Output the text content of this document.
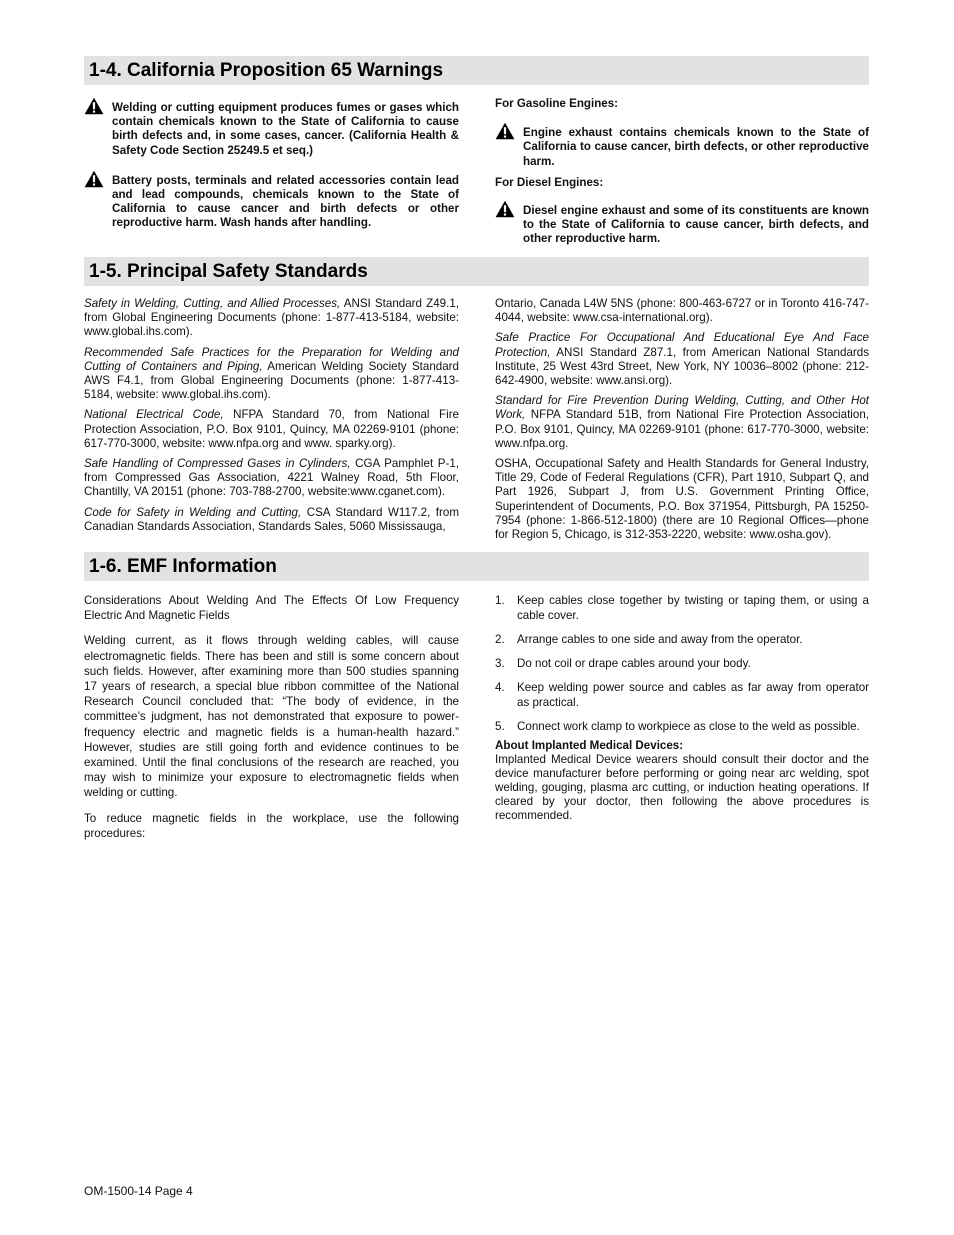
1-4. California Proposition 65 Warnings
Welding or cutting equipment produces fumes or gases which contain chemicals known to the State of California to cause birth defects and, in some cases, cancer. (California Health & Safety Code Section 25249.5 et seq.)
Battery posts, terminals and related accessories contain lead and lead compounds, chemicals known to the State of California to cause cancer and birth defects or other reproductive harm. Wash hands after handling.
For Gasoline Engines:
Engine exhaust contains chemicals known to the State of California to cause cancer, birth defects, or other reproductive harm.
For Diesel Engines:
Diesel engine exhaust and some of its constituents are known to the State of California to cause cancer, birth defects, and other reproductive harm.
1-5. Principal Safety Standards

Safety in Welding, Cutting, and Allied Processes, ANSI Standard Z49.1, from Global Engineering Documents (phone: 1-877-413-5184, website: www.global.ihs.com).

Recommended Safe Practices for the Preparation for Welding and Cutting of Containers and Piping, American Welding Society Standard AWS F4.1, from Global Engineering Documents (phone: 1-877-413-5184, website: www.global.ihs.com).

National Electrical Code, NFPA Standard 70, from National Fire Protection Association, P.O. Box 9101, Quincy, MA 02269-9101 (phone: 617-770-3000, website: www.nfpa.org and www. sparky.org).

Safe Handling of Compressed Gases in Cylinders, CGA Pamphlet P-1, from Compressed Gas Association, 4221 Walney Road, 5th Floor, Chantilly, VA 20151 (phone: 703-788-2700, website:www.cganet.com).

Code for Safety in Welding and Cutting, CSA Standard W117.2, from Canadian Standards Association, Standards Sales, 5060 Mississauga,

Ontario, Canada L4W 5NS (phone: 800-463-6727 or in Toronto 416-747-4044, website: www.csa-international.org).

Safe Practice For Occupational And Educational Eye And Face Protection, ANSI Standard Z87.1, from American National Standards Institute, 25 West 43rd Street, New York, NY 10036–8002 (phone: 212-642-4900, website: www.ansi.org).

Standard for Fire Prevention During Welding, Cutting, and Other Hot Work, NFPA Standard 51B, from National Fire Protection Association, P.O. Box 9101, Quincy, MA 02269-9101 (phone: 617-770-3000, website: www.nfpa.org.

OSHA, Occupational Safety and Health Standards for General Industry, Title 29, Code of Federal Regulations (CFR), Part 1910, Subpart Q, and Part 1926, Subpart J, from U.S. Government Printing Office, Superintendent of Documents, P.O. Box 371954, Pittsburgh, PA 15250-7954 (phone: 1-866-512-1800) (there are 10 Regional Offices—phone for Region 5, Chicago, is 312-353-2220, website: www.osha.gov).

1-6. EMF Information

Considerations About Welding And The Effects Of Low Frequency Electric And Magnetic Fields

Welding current, as it flows through welding cables, will cause electromagnetic fields. There has been and still is some concern about such fields. However, after examining more than 500 studies spanning 17 years of research, a special blue ribbon committee of the National Research Council concluded that: “The body of evidence, in the committee’s judgment, has not demonstrated that exposure to power-frequency electric and magnetic fields is a human-health hazard.” However, studies are still going forth and evidence continues to be examined. Until the final conclusions of the research are reached, you may wish to minimize your exposure to electromagnetic fields when welding or cutting.

To reduce magnetic fields in the workplace, use the following procedures:

1.	Keep cables close together by twisting or taping them, or using a cable cover.
2.	Arrange cables to one side and away from the operator.
3.	Do not coil or drape cables around your body.
4.	Keep welding power source and cables as far away from operator as practical.
5.	Connect work clamp to workpiece as close to the weld as possible.
About Implanted Medical Devices:

Implanted Medical Device wearers should consult their doctor and the device manufacturer before performing or going near arc welding, spot welding, gouging, plasma arc cutting, or induction heating operations. If cleared by your doctor, then following the above procedures is recommended.

OM-1500-14 Page 4
